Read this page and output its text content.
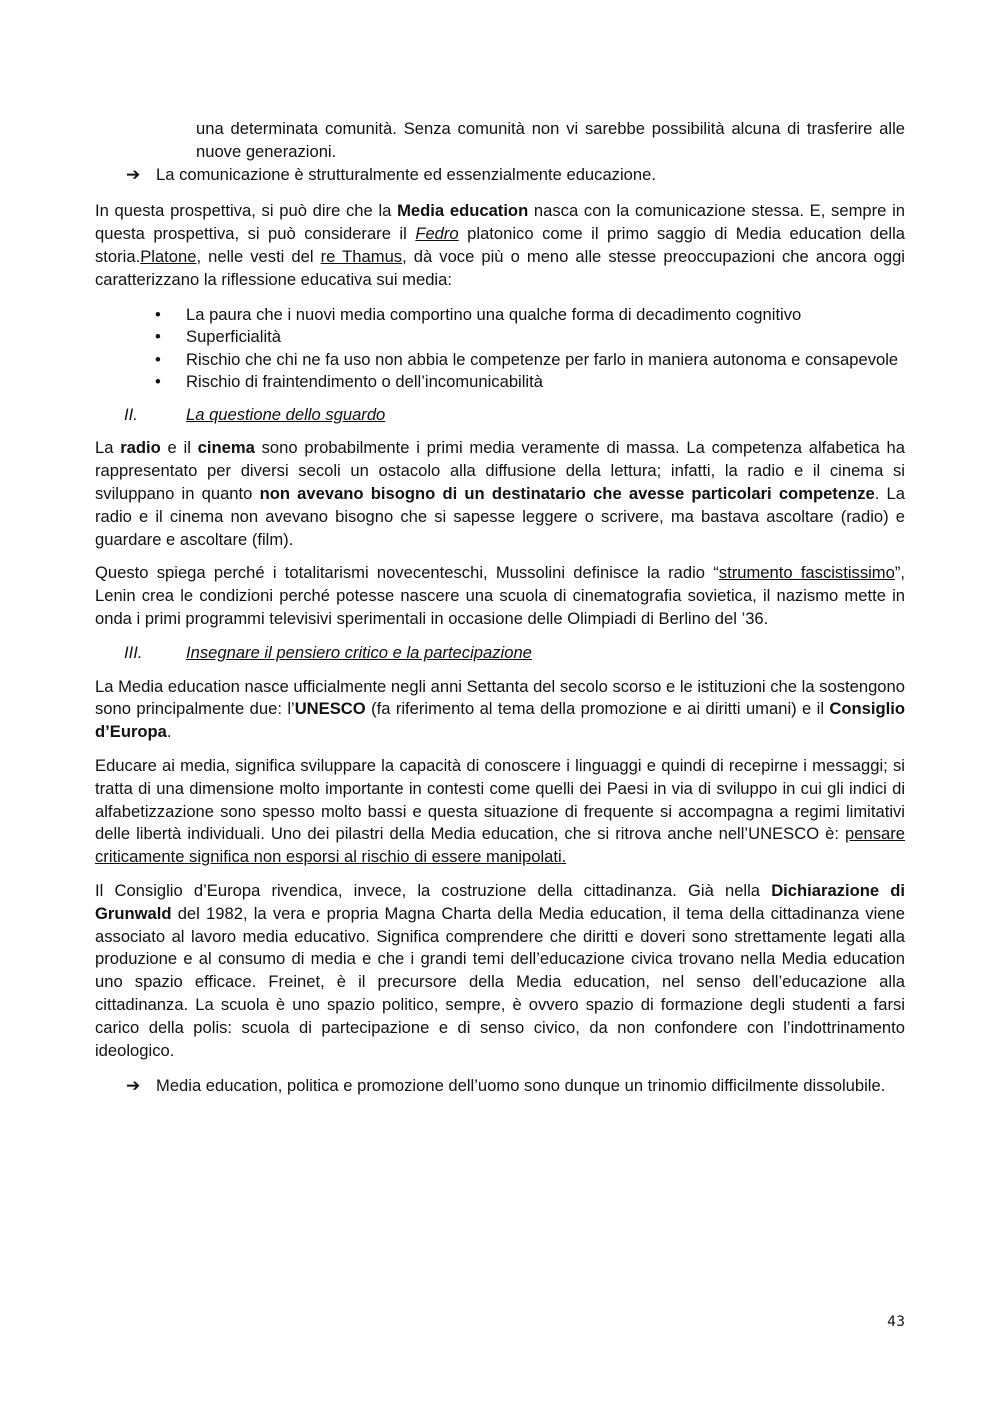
una determinata comunità. Senza comunità non vi sarebbe possibilità alcuna di trasferire alle nuove generazioni.

➔ La comunicazione è strutturalmente ed essenzialmente educazione.

In questa prospettiva, si può dire che la Media education nasca con la comunicazione stessa. E, sempre in questa prospettiva, si può considerare il Fedro platonico come il primo saggio di Media education della storia.Platone, nelle vesti del re Thamus, dà voce più o meno alle stesse preoccupazioni che ancora oggi caratterizzano la riflessione educativa sui media:

• La paura che i nuovi media comportino una qualche forma di decadimento cognitivo
• Superficialità
• Rischio che chi ne fa uso non abbia le competenze per farlo in maniera autonoma e consapevole
• Rischio di fraintendimento o dell’incomunicabilità
II.	La questione dello sguardo

La radio e il cinema sono probabilmente i primi media veramente di massa. La competenza alfabetica ha rappresentato per diversi secoli un ostacolo alla diffusione della lettura; infatti, la radio e il cinema si sviluppano in quanto non avevano bisogno di un destinatario che avesse particolari competenze. La radio e il cinema non avevano bisogno che si sapesse leggere o scrivere, ma bastava ascoltare (radio) e guardare e ascoltare (film).

Questo spiega perché i totalitarismi novecenteschi, Mussolini definisce la radio “strumento fascistissimo”, Lenin crea le condizioni perché potesse nascere una scuola di cinematografia sovietica, il nazismo mette in onda i primi programmi televisivi sperimentali in occasione delle Olimpiadi di Berlino del ’36.

III.	Insegnare il pensiero critico e la partecipazione

La Media education nasce ufficialmente negli anni Settanta del secolo scorso e le istituzioni che la sostengono sono principalmente due: l’UNESCO (fa riferimento al tema della promozione e ai diritti umani) e il Consiglio d’Europa.

Educare ai media, significa sviluppare la capacità di conoscere i linguaggi e quindi di recepirne i messaggi; si tratta di una dimensione molto importante in contesti come quelli dei Paesi in via di sviluppo in cui gli indici di alfabetizzazione sono spesso molto bassi e questa situazione di frequente si accompagna a regimi limitativi delle libertà individuali. Uno dei pilastri della Media education, che si ritrova anche nell’UNESCO è: pensare criticamente significa non esporsi al rischio di essere manipolati.

Il Consiglio d’Europa rivendica, invece, la costruzione della cittadinanza. Già nella Dichiarazione di Grunwald del 1982, la vera e propria Magna Charta della Media education, il tema della cittadinanza viene associato al lavoro media educativo. Significa comprendere che diritti e doveri sono strettamente legati alla produzione e al consumo di media e che i grandi temi dell’educazione civica trovano nella Media education uno spazio efficace. Freinet, è il precursore della Media education, nel senso dell’educazione alla cittadinanza. La scuola è uno spazio politico, sempre, è ovvero spazio di formazione degli studenti a farsi carico della polis: scuola di partecipazione e di senso civico, da non confondere con l’indottrinamento ideologico.

➔ Media education, politica e promozione dell’uomo sono dunque un trinomio difficilmente dissolubile.
43
